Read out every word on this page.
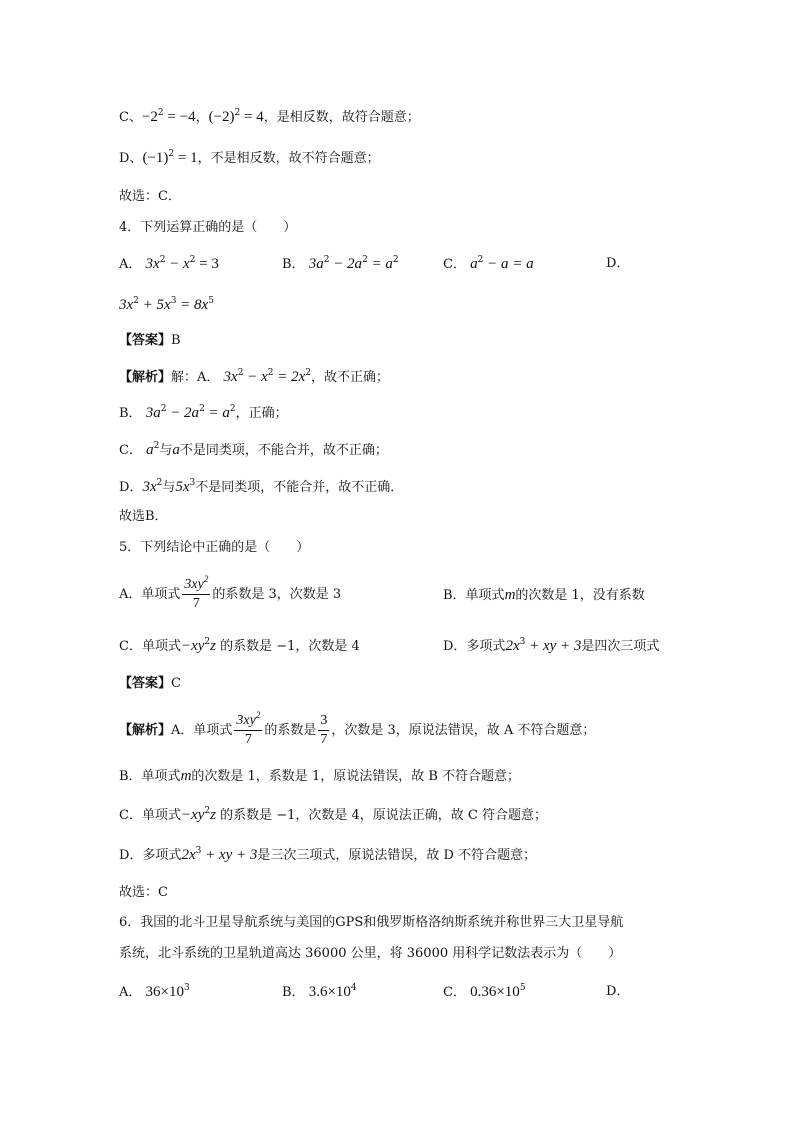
C、$-2^2 = -4$，$(-2)^2 = 4$，是相反数，故符合题意；
D、$(-1)^2 = 1$，不是相反数，故不符合题意；
故选：C．
4．下列运算正确的是（　　）
A． $3x^2 - x^2 = 3$	B． $3a^2 - 2a^2 = a^2$	C． $a^2 - a = a$	D．
$3x^2 + 5x^3 = 8x^5$
【答案】B
【解析】解：A． $3x^2 - x^2 = 2x^2$，故不正确；
B． $3a^2 - 2a^2 = a^2$，正确；
C． $a^2$与a不是同类项，不能合并，故不正确；
D．$3x^2$与$5x^3$不是同类项，不能合并，故不正确．
故选B．
5．下列结论中正确的是（　　）
A．单项式 $\frac{3xy^2}{7}$ 的系数是 3，次数是 3	B．单项式m的次数是 1，没有系数
C．单项式$-xy^2z$ 的系数是 −1，次数是 4	D．多项式$2x^3$ + xy + 3是四次三项式
【答案】C
【解析】A．单项式 $\frac{3xy^2}{7}$ 的系数是 $\frac{3}{7}$ ，次数是 3，原说法错误，故 A 不符合题意；
B．单项式m的次数是 1，系数是 1，原说法错误，故 B 不符合题意；
C．单项式$-xy^2z$ 的系数是 −1，次数是 4，原说法正确，故 C 符合题意；
D．多项式$2x^3$ + xy + 3是三次三项式，原说法错误，故 D 不符合题意；
故选：C
6．我国的北斗卫星导航系统与美国的GPS和俄罗斯格洛纳斯系统并称世界三大卫星导航
系统，北斗系统的卫星轨道高达 36000 公里，将 36000 用科学记数法表示为（　　）
A． $36\times 10^3$	B． $3.6\times 10^4$	C． $0.36\times 10^5$	D．
